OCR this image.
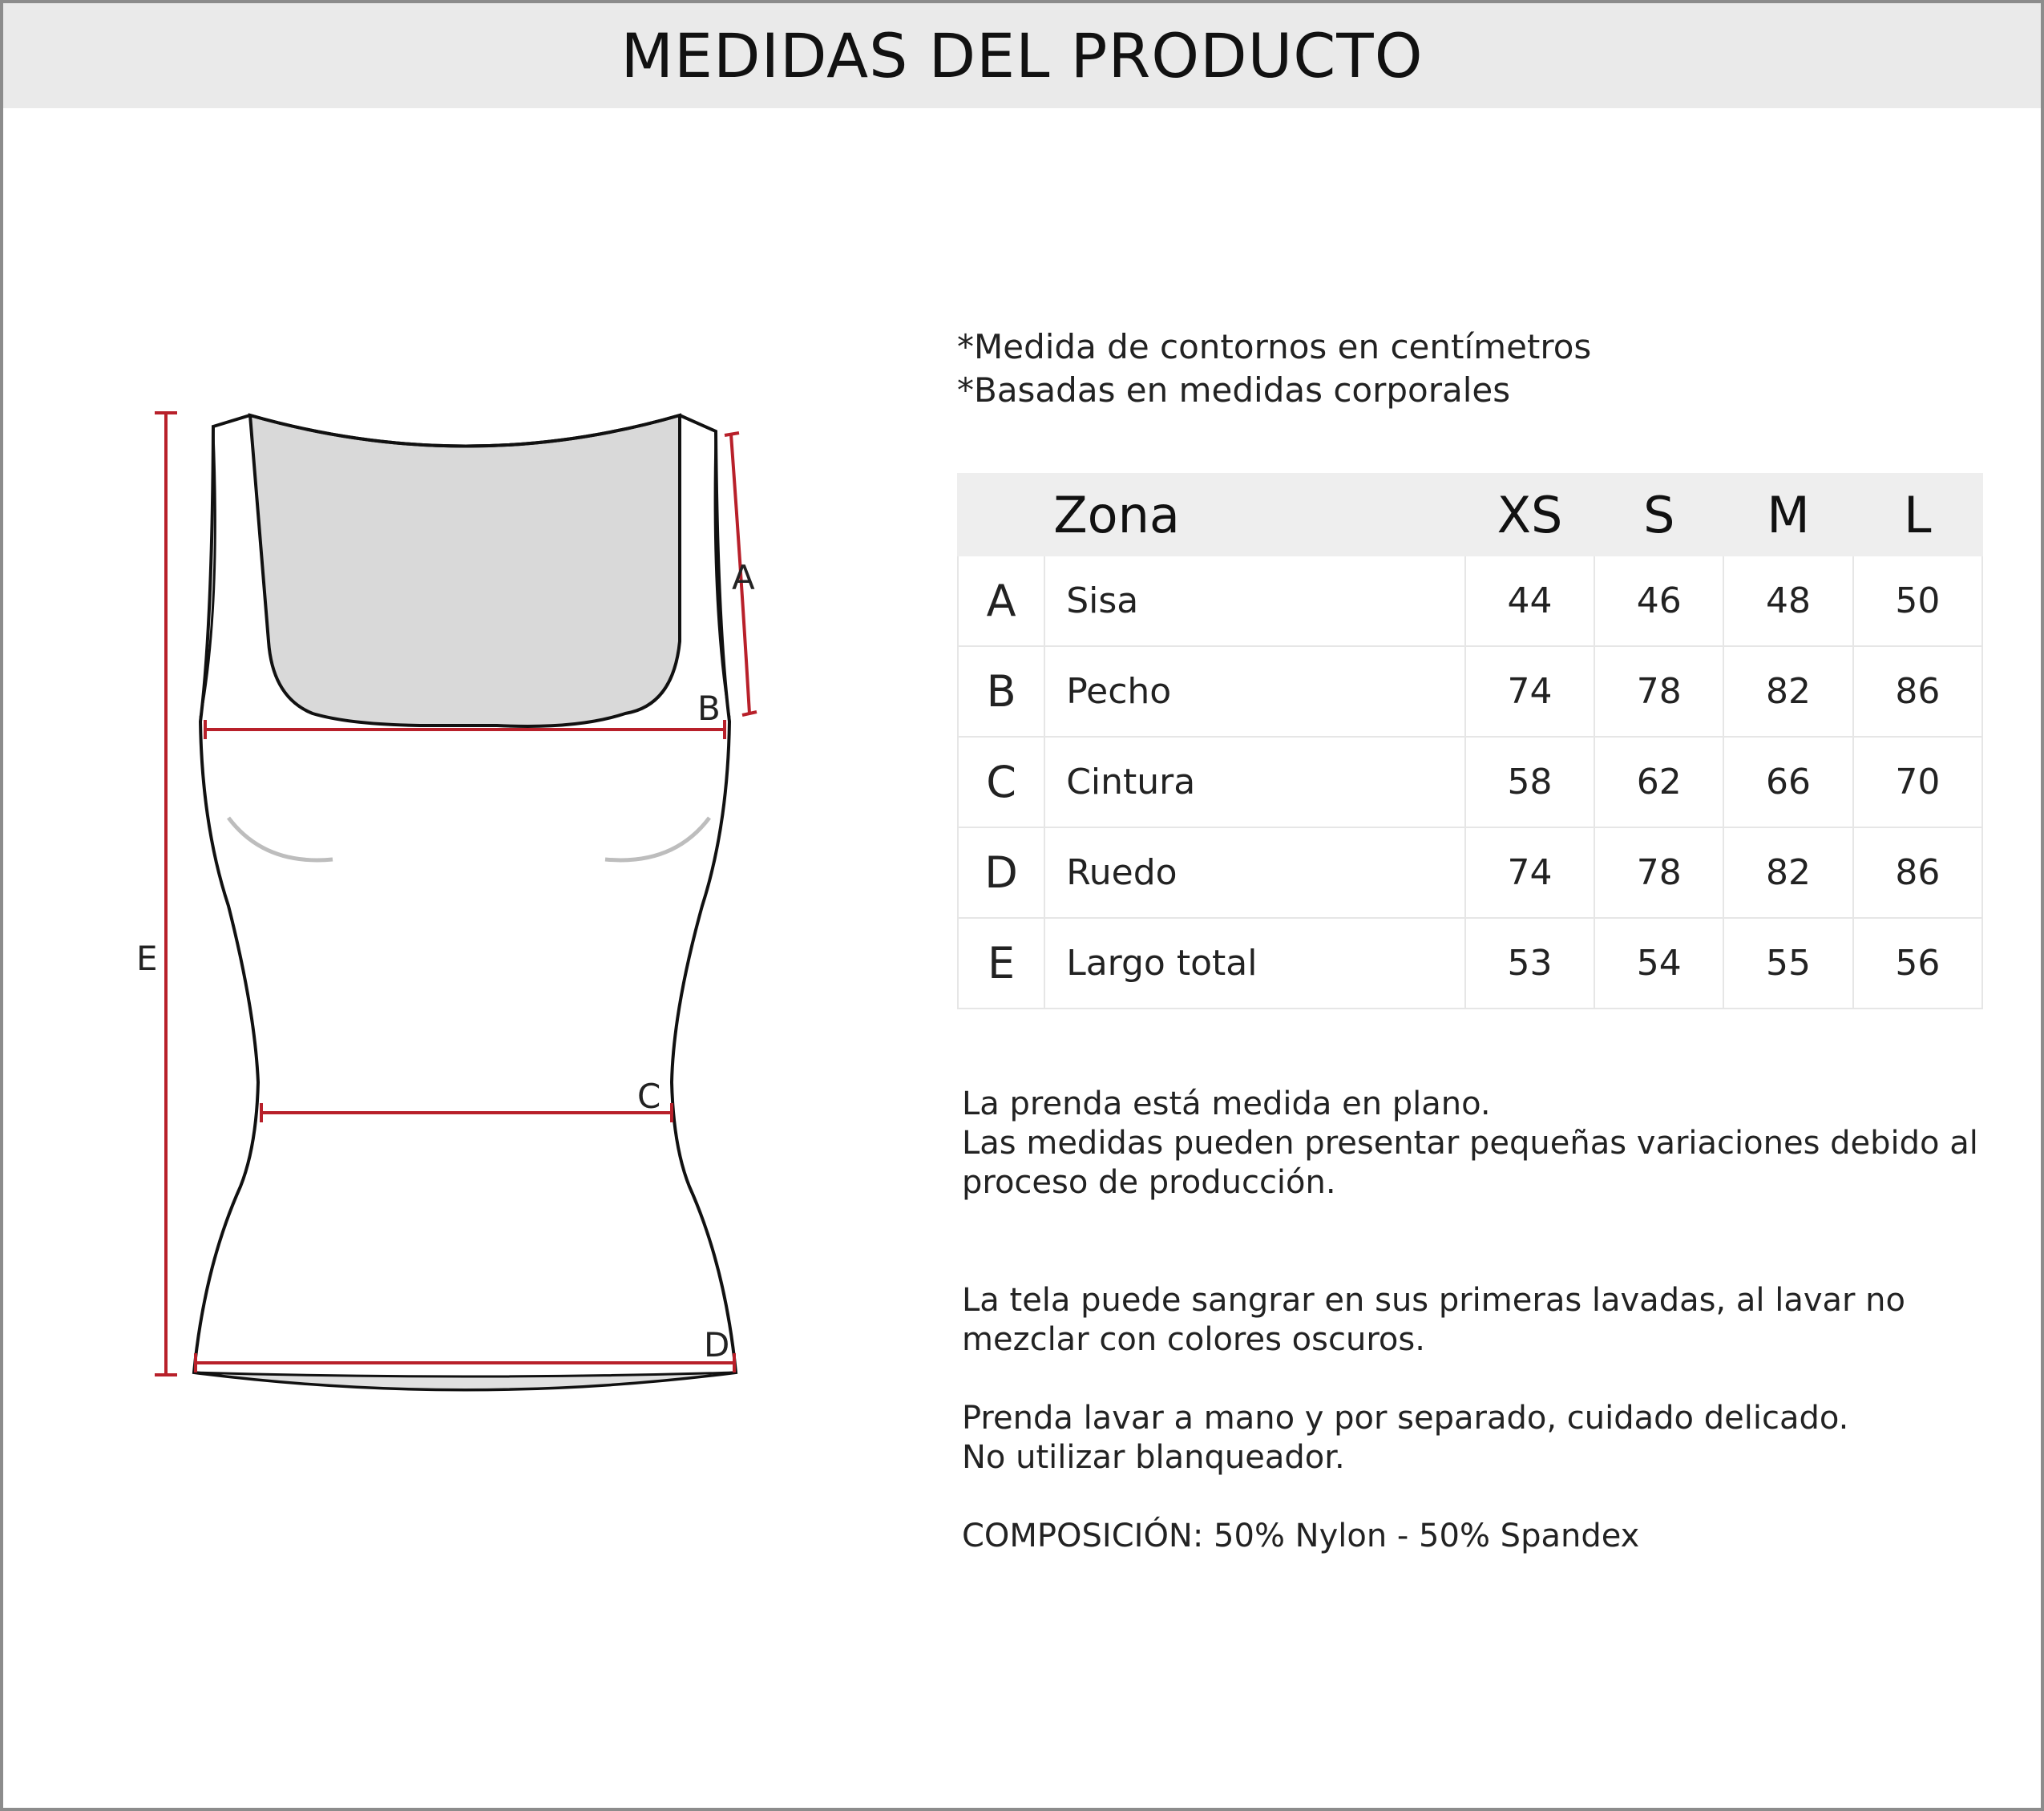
MEDIDAS DEL PRODUCTO
A
B
C
D
E
*Medida de contornos en centímetros
*Basadas en medidas corporales
	Zona	XS	S	M	L
A	Sisa	44	46	48	50
B	Pecho	74	78	82	86
C	Cintura	58	62	66	70
D	Ruedo	74	78	82	86
E	Largo total	53	54	55	56

La prenda está medida en plano.
Las medidas pueden presentar pequeñas variaciones debido al
proceso de producción.

La tela puede sangrar en sus primeras lavadas, al lavar no
mezclar con colores oscuros.
Prenda lavar a mano y por separado, cuidado delicado.
No utilizar blanqueador.
COMPOSICIÓN: 50% Nylon - 50% Spandex
